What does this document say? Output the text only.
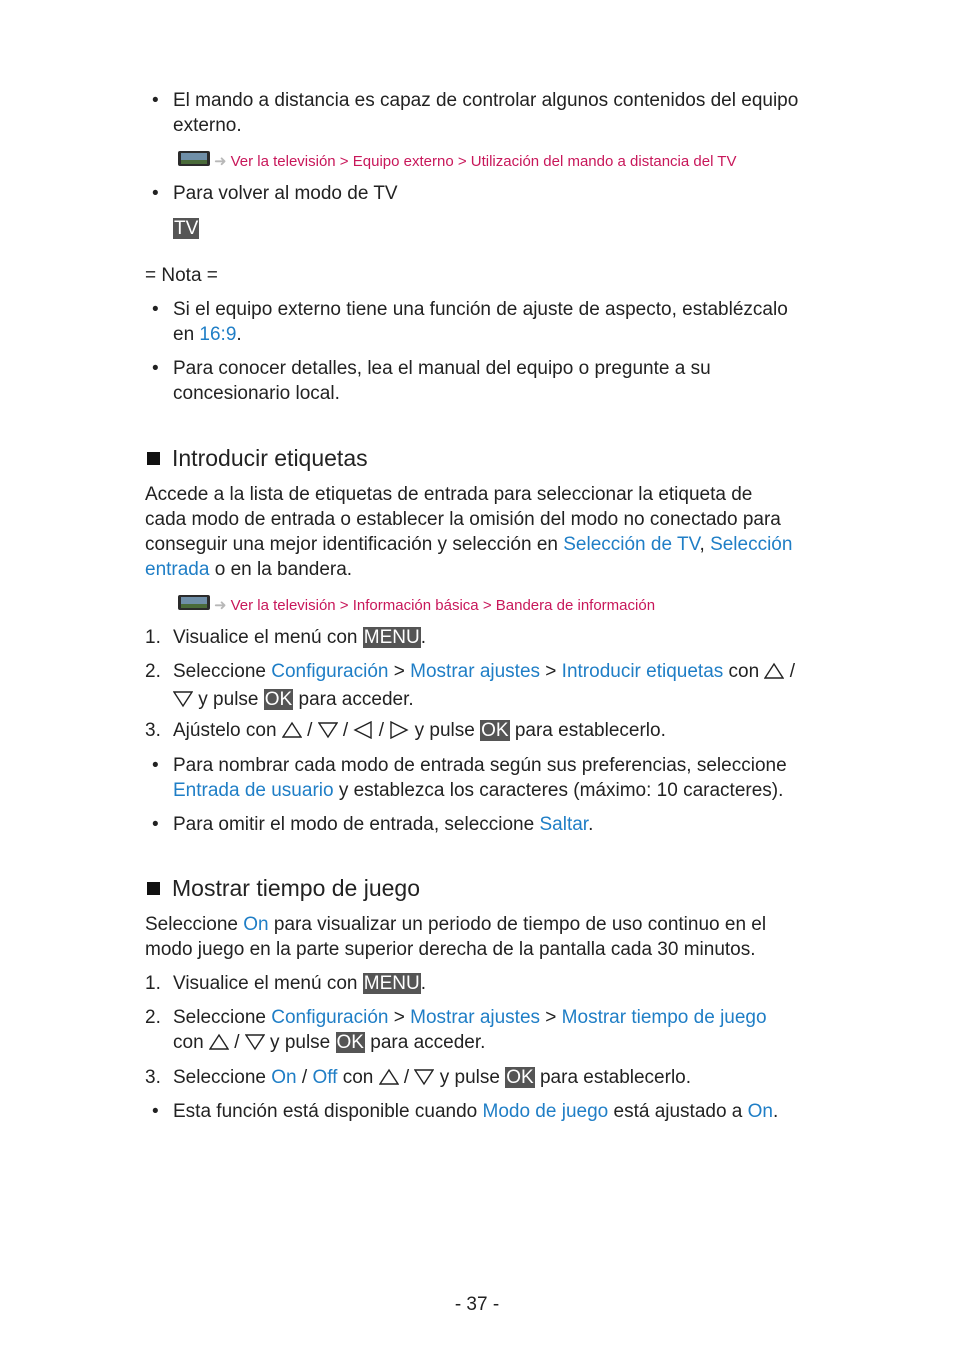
• El mando a distancia es capaz de controlar algunos contenidos del equipo
externo.
➜ Ver la televisión > Equipo externo > Utilización del mando a distancia del TV
• Para volver al modo de TV
TV
= Nota =
• Si el equipo externo tiene una función de ajuste de aspecto, establézcalo
en 16:9.
• Para conocer detalles, lea el manual del equipo o pregunte a su
concesionario local.
Introducir etiquetas
Accede a la lista de etiquetas de entrada para seleccionar la etiqueta de
cada modo de entrada o establecer la omisión del modo no conectado para
conseguir una mejor identificación y selección en Selección de TV, Selección
entrada o en la bandera.
➜ Ver la televisión > Información básica > Bandera de información
1. Visualice el menú con MENU.
2. Seleccione Configuración > Mostrar ajustes > Introducir etiquetas con  /
y pulse OK para acceder.
3. Ajústelo con  /  /  /  y pulse OK para establecerlo.
• Para nombrar cada modo de entrada según sus preferencias, seleccione
Entrada de usuario y establezca los caracteres (máximo: 10 caracteres).
• Para omitir el modo de entrada, seleccione Saltar.
Mostrar tiempo de juego
Seleccione On para visualizar un periodo de tiempo de uso continuo en el
modo juego en la parte superior derecha de la pantalla cada 30 minutos.
1. Visualice el menú con MENU.
2. Seleccione Configuración > Mostrar ajustes > Mostrar tiempo de juego
con  /  y pulse OK para acceder.
3. Seleccione On / Off con  /  y pulse OK para establecerlo.
• Esta función está disponible cuando Modo de juego está ajustado a On.
- 37 -
